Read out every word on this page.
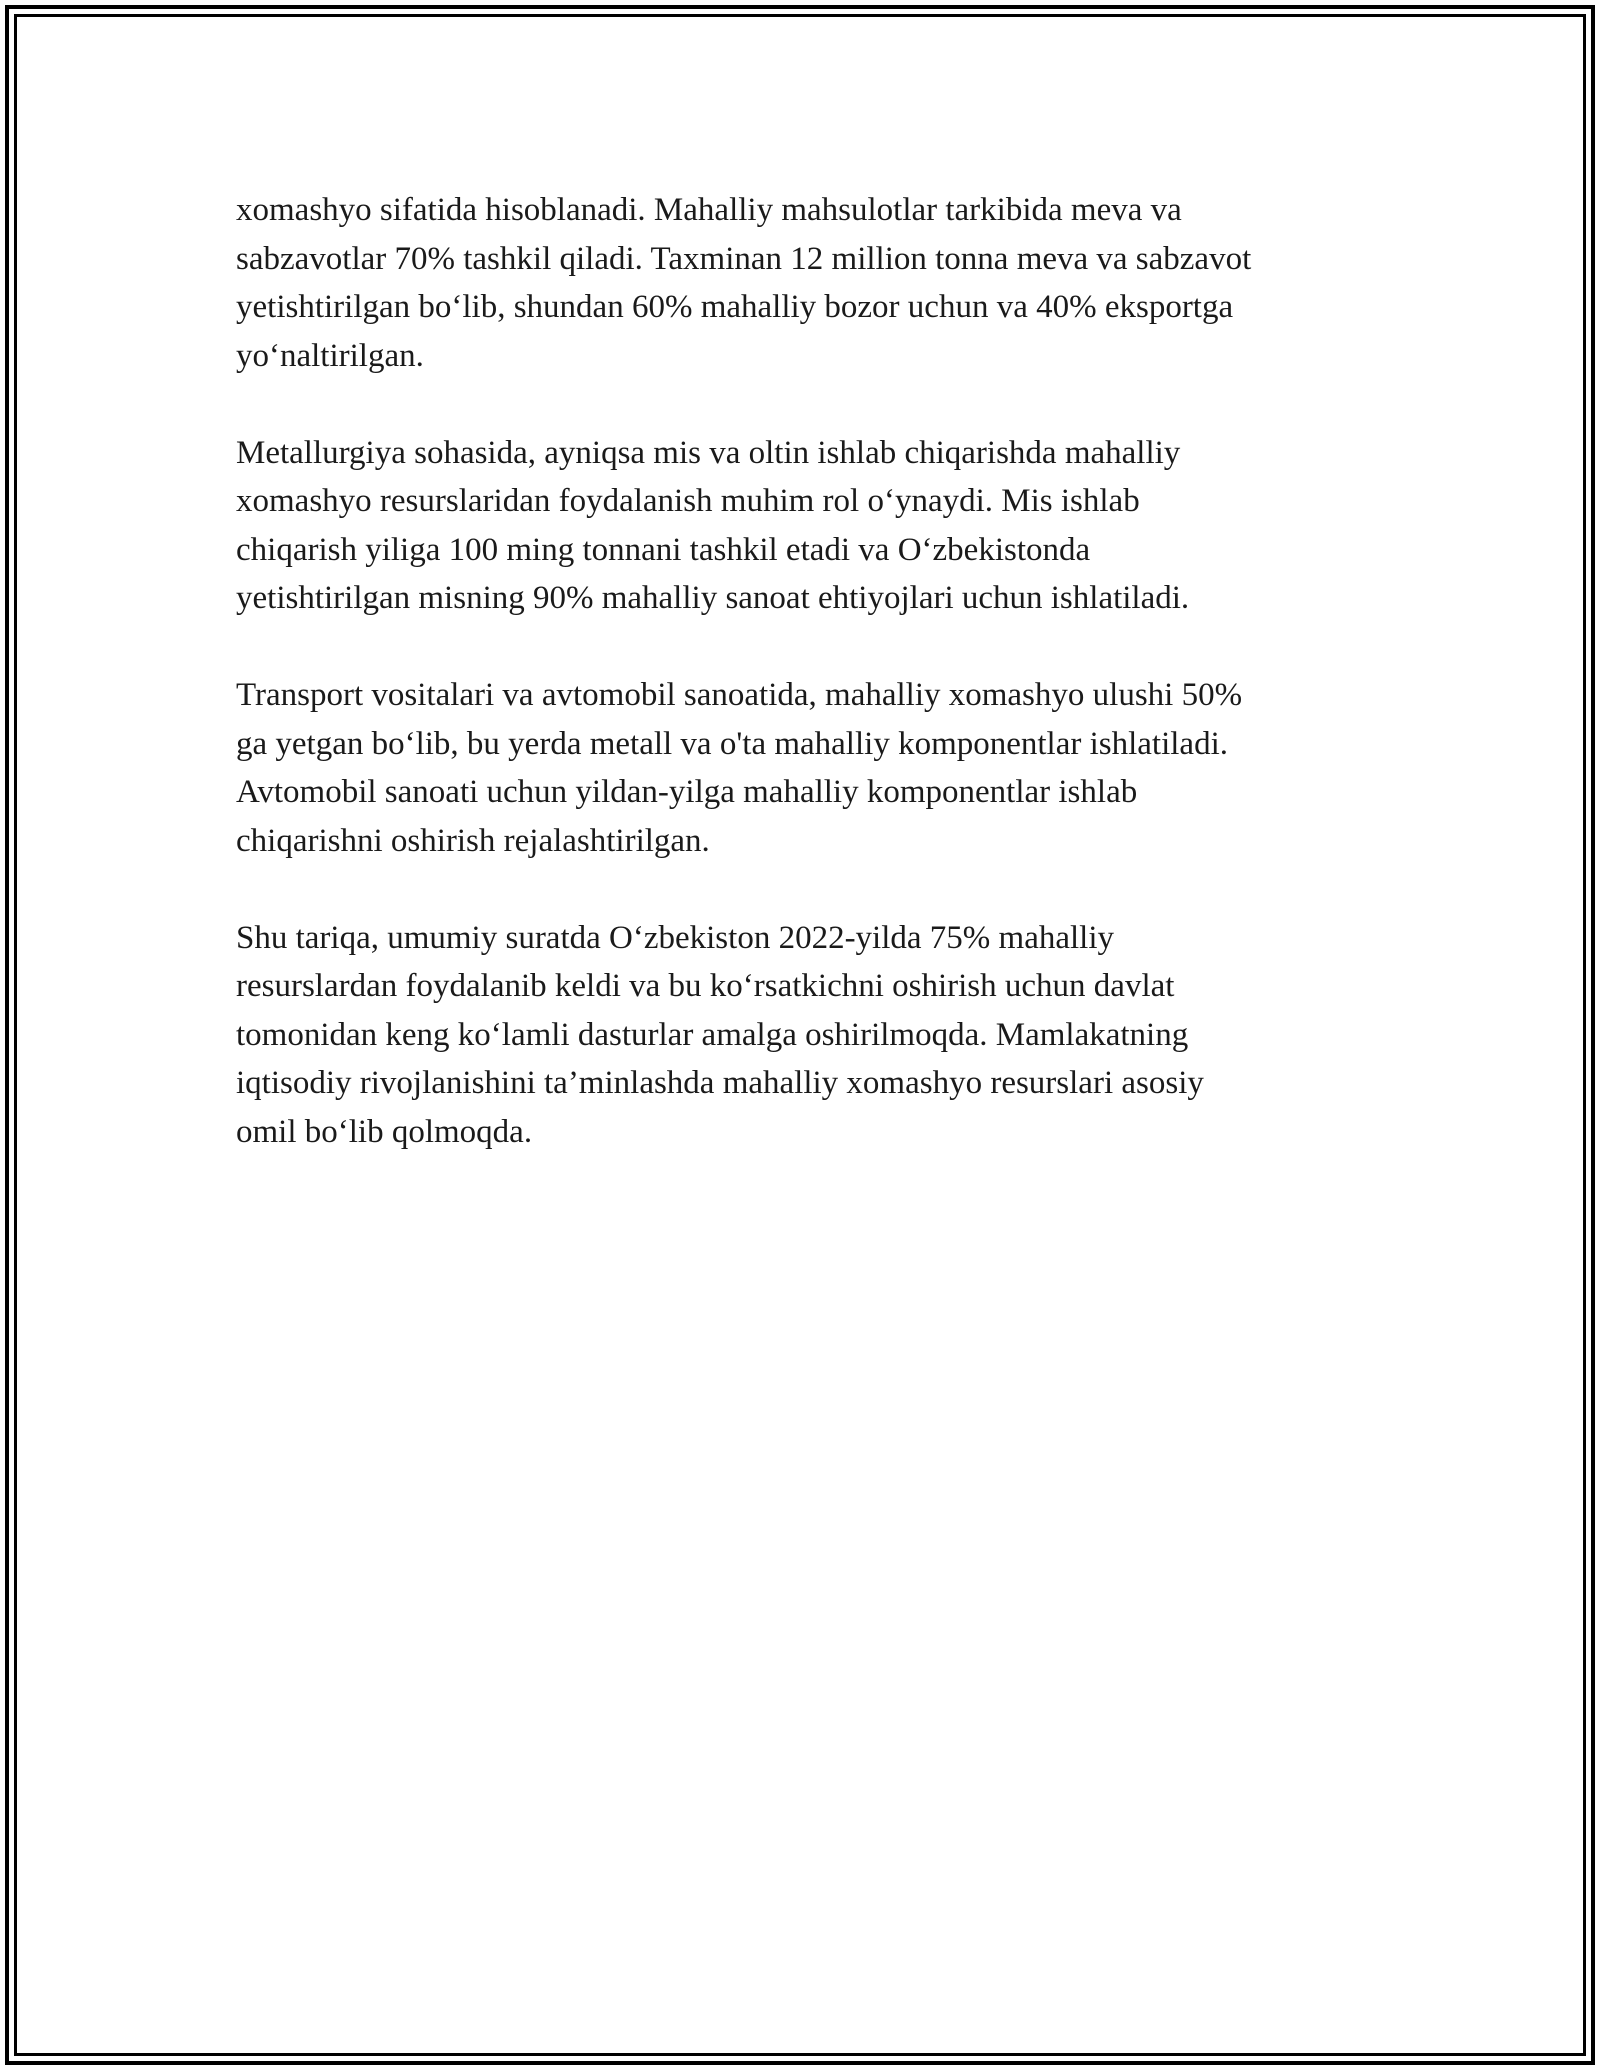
xomashyo sifatida hisoblanadi. Mahalliy mahsulotlar tarkibida meva va
sabzavotlar 70% tashkil qiladi. Taxminan 12 million tonna meva va sabzavot
yetishtirilgan bo‘lib, shundan 60% mahalliy bozor uchun va 40% eksportga
yo‘naltirilgan.

Metallurgiya sohasida, ayniqsa mis va oltin ishlab chiqarishda mahalliy
xomashyo resurslaridan foydalanish muhim rol o‘ynaydi. Mis ishlab
chiqarish yiliga 100 ming tonnani tashkil etadi va O‘zbekistonda
yetishtirilgan misning 90% mahalliy sanoat ehtiyojlari uchun ishlatiladi.

Transport vositalari va avtomobil sanoatida, mahalliy xomashyo ulushi 50%
ga yetgan bo‘lib, bu yerda metall va o'ta mahalliy komponentlar ishlatiladi.
Avtomobil sanoati uchun yildan-yilga mahalliy komponentlar ishlab
chiqarishni oshirish rejalashtirilgan.

Shu tariqa, umumiy suratda O‘zbekiston 2022-yilda 75% mahalliy
resurslardan foydalanib keldi va bu ko‘rsatkichni oshirish uchun davlat
tomonidan keng ko‘lamli dasturlar amalga oshirilmoqda. Mamlakatning
iqtisodiy rivojlanishini ta’minlashda mahalliy xomashyo resurslari asosiy
omil bo‘lib qolmoqda.
